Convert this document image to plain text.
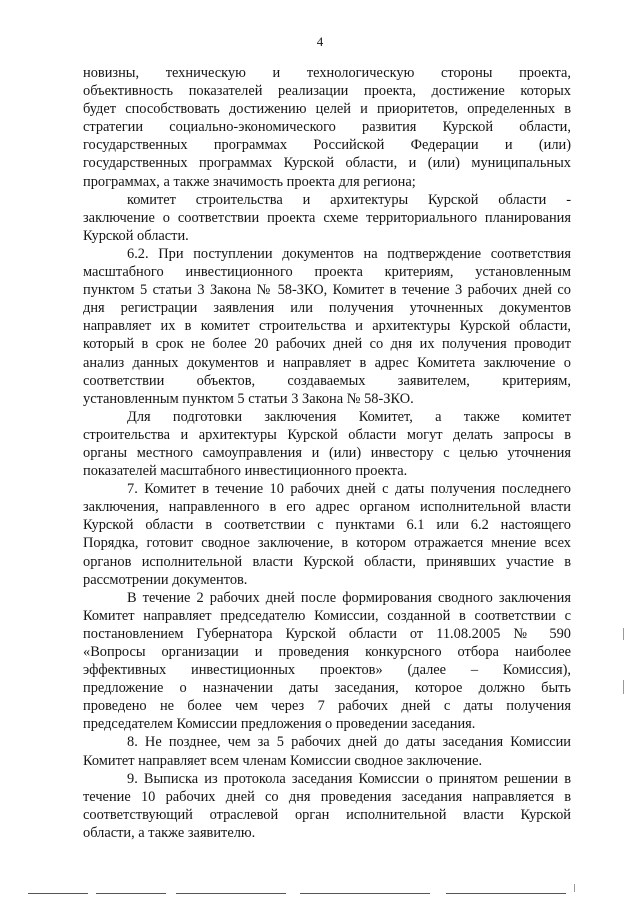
4

новизны, техническую и технологическую стороны проекта,

объективность показателей реализации проекта, достижение которых

будет способствовать достижению целей и приоритетов, определенных в

стратегии социально-экономического развития Курской области,

государственных программах Российской Федерации и (или)

государственных программах Курской области, и (или) муниципальных

программах, а также значимость проекта для региона;

комитет строительства и архитектуры Курской области -

заключение о соответствии проекта схеме территориального планирования

Курской области.

6.2. При поступлении документов на подтверждение соответствия

масштабного инвестиционного проекта критериям, установленным

пунктом 5 статьи 3 Закона № 58-ЗКО, Комитет в течение 3 рабочих дней со

дня регистрации заявления или получения уточненных документов

направляет их в комитет строительства и архитектуры Курской области,

который в срок не более 20 рабочих дней со дня их получения проводит

анализ данных документов и направляет в адрес Комитета заключение о

соответствии объектов, создаваемых заявителем, критериям,

установленным пунктом 5 статьи 3 Закона № 58-ЗКО.

Для подготовки заключения Комитет, а также комитет

строительства и архитектуры Курской области могут делать запросы в

органы местного самоуправления и (или) инвестору с целью уточнения

показателей масштабного инвестиционного проекта.

7. Комитет в течение 10 рабочих дней с даты получения последнего

заключения, направленного в его адрес органом исполнительной власти

Курской области в соответствии с пунктами 6.1 или 6.2 настоящего

Порядка, готовит сводное заключение, в котором отражается мнение всех

органов исполнительной власти Курской области, принявших участие в

рассмотрении документов.

В течение 2 рабочих дней после формирования сводного заключения

Комитет направляет председателю Комиссии, созданной в соответствии с

постановлением Губернатора Курской области от 11.08.2005 № 590

«Вопросы организации и проведения конкурсного отбора наиболее

эффективных инвестиционных проектов» (далее – Комиссия),

предложение о назначении даты заседания, которое должно быть

проведено не более чем через 7 рабочих дней с даты получения

председателем Комиссии предложения о проведении заседания.

8. Не позднее, чем за 5 рабочих дней до даты заседания Комиссии

Комитет направляет всем членам Комиссии сводное заключение.

9. Выписка из протокола заседания Комиссии о принятом решении в

течение 10 рабочих дней со дня проведения заседания направляется в

соответствующий отраслевой орган исполнительной власти Курской

области, а также заявителю.
